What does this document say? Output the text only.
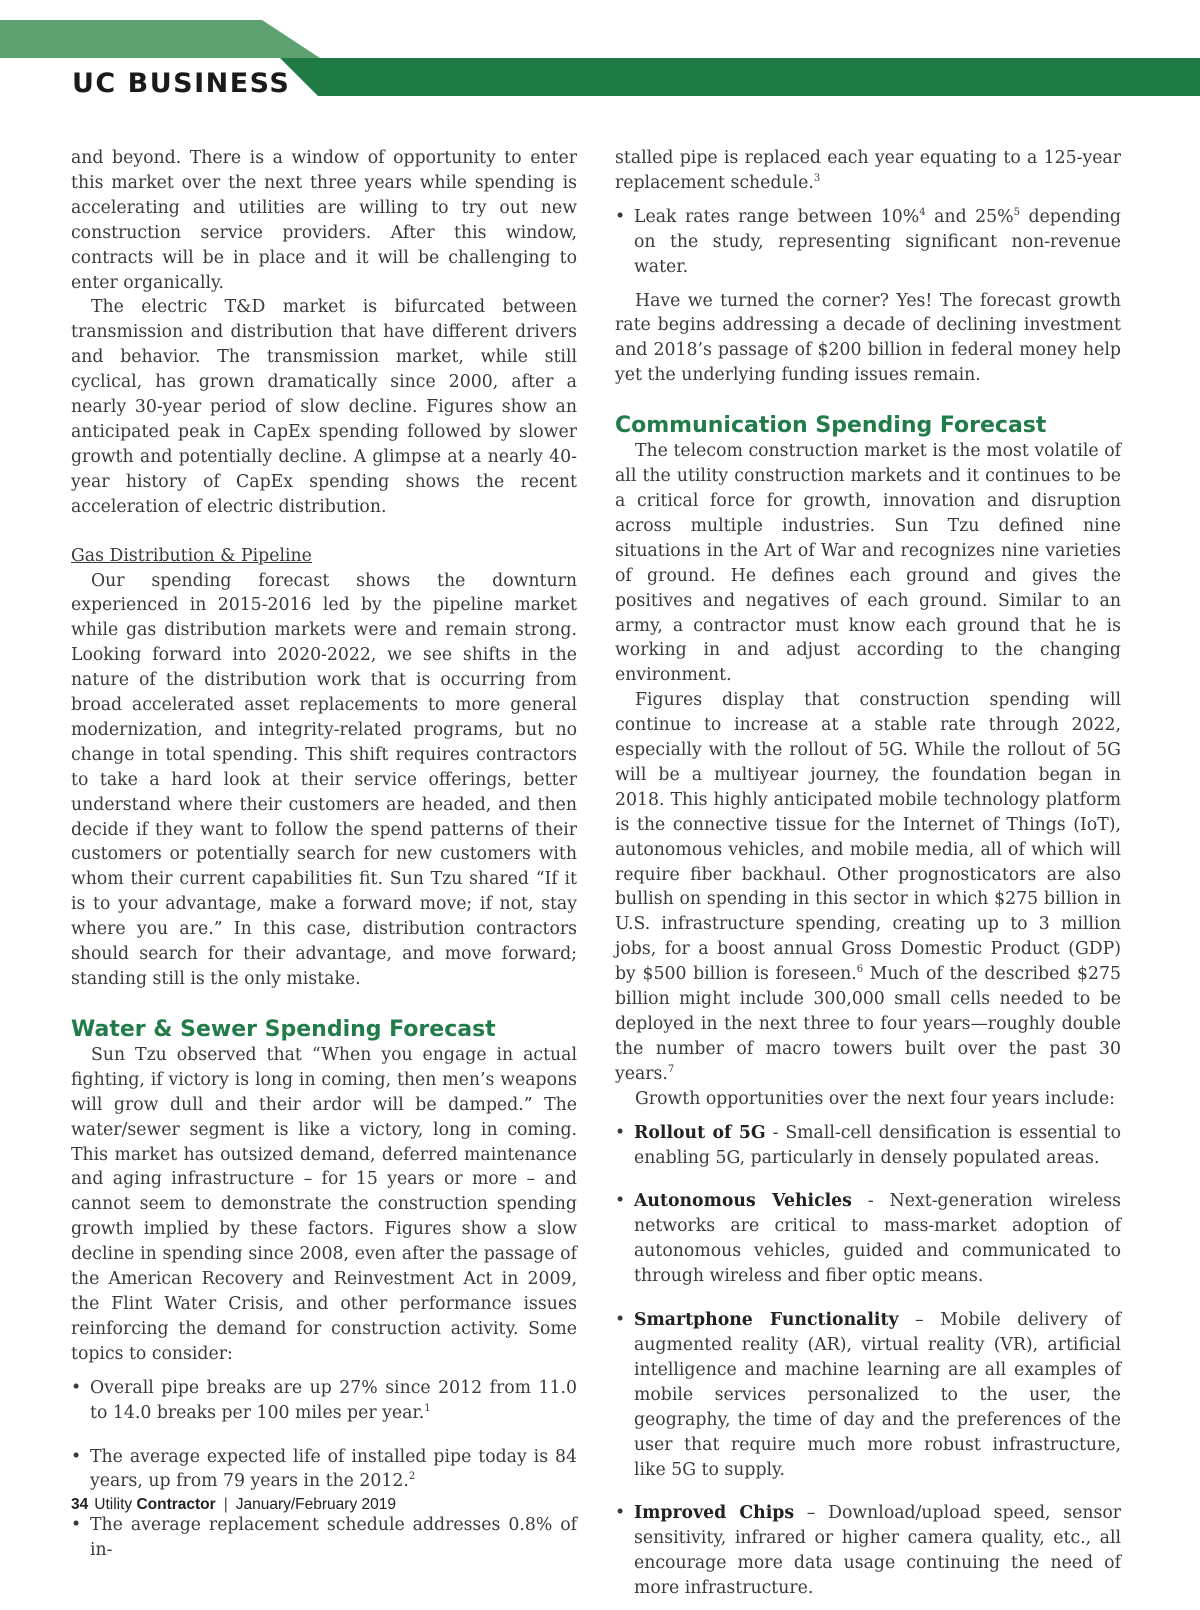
UC BUSINESS

and beyond. There is a window of opportunity to enter this market over the next three years while spending is accelerating and utilities are willing to try out new construction service providers. After this window, contracts will be in place and it will be challenging to enter organically.

The electric T&D market is bifurcated between transmission and distribution that have different drivers and behavior. The transmission market, while still cyclical, has grown dramatically since 2000, after a nearly 30-year period of slow decline. Figures show an anticipated peak in CapEx spending followed by slower growth and potentially decline. A glimpse at a nearly 40-year history of CapEx spending shows the recent acceleration of electric distribution.

Gas Distribution & Pipeline

Our spending forecast shows the downturn experienced in 2015-2016 led by the pipeline market while gas distribution markets were and remain strong. Looking forward into 2020-2022, we see shifts in the nature of the distribution work that is occurring from broad accelerated asset replacements to more general modernization, and integrity-related programs, but no change in total spending. This shift requires contractors to take a hard look at their service offerings, better understand where their customers are headed, and then decide if they want to follow the spend patterns of their customers or potentially search for new customers with whom their current capabilities fit. Sun Tzu shared “If it is to your advantage, make a forward move; if not, stay where you are.” In this case, distribution contractors should search for their advantage, and move forward; standing still is the only mistake.

Water & Sewer Spending Forecast

Sun Tzu observed that “When you engage in actual fighting, if victory is long in coming, then men’s weapons will grow dull and their ardor will be damped.” The water/sewer segment is like a victory, long in coming. This market has outsized demand, deferred maintenance and aging infrastructure – for 15 years or more – and cannot seem to demonstrate the construction spending growth implied by these factors. Figures show a slow decline in spending since 2008, even after the passage of the American Recovery and Reinvestment Act in 2009, the Flint Water Crisis, and other performance issues reinforcing the demand for construction activity. Some topics to consider:

• Overall pipe breaks are up 27% since 2012 from 11.0 to 14.0 breaks per 100 miles per year.$^1$
• The average expected life of installed pipe today is 84 years, up from 79 years in the 2012.$^2$
• The average replacement schedule addresses 0.8% of in-

stalled pipe is replaced each year equating to a 125-year replacement schedule.$^3$

• Leak rates range between 10%$^4$ and 25%$^5$ depending on the study, representing significant non-revenue water.

Have we turned the corner? Yes! The forecast growth rate begins addressing a decade of declining investment and 2018’s passage of $200 billion in federal money help yet the underlying funding issues remain.

Communication Spending Forecast

The telecom construction market is the most volatile of all the utility construction markets and it continues to be a critical force for growth, innovation and disruption across multiple industries. Sun Tzu defined nine situations in the Art of War and recognizes nine varieties of ground. He defines each ground and gives the positives and negatives of each ground. Similar to an army, a contractor must know each ground that he is working in and adjust according to the changing environment.

Figures display that construction spending will continue to increase at a stable rate through 2022, especially with the rollout of 5G. While the rollout of 5G will be a multiyear journey, the foundation began in 2018. This highly anticipated mobile technology platform is the connective tissue for the Internet of Things (IoT), autonomous vehicles, and mobile media, all of which will require fiber backhaul. Other prognosticators are also bullish on spending in this sector in which $275 billion in U.S. infrastructure spending, creating up to 3 million jobs, for a boost annual Gross Domestic Product (GDP) by $500 billion is foreseen.$^6$ Much of the described $275 billion might include 300,000 small cells needed to be deployed in the next three to four years—roughly double the number of macro towers built over the past 30 years.$^7$

Growth opportunities over the next four years include:

• Rollout of 5G - Small-cell densification is essential to enabling 5G, particularly in densely populated areas.
• Autonomous Vehicles - Next-generation wireless networks are critical to mass-market adoption of autonomous vehicles, guided and communicated to through wireless and fiber optic means.
• Smartphone Functionality – Mobile delivery of augmented reality (AR), virtual reality (VR), artificial intelligence and machine learning are all examples of mobile services personalized to the user, the geography, the time of day and the preferences of the user that require much more robust infrastructure, like 5G to supply.
• Improved Chips – Download/upload speed, sensor sensitivity, infrared or higher camera quality, etc., all encourage more data usage continuing the need of more infrastructure.
34 Utility Contractor | January/February 2019
